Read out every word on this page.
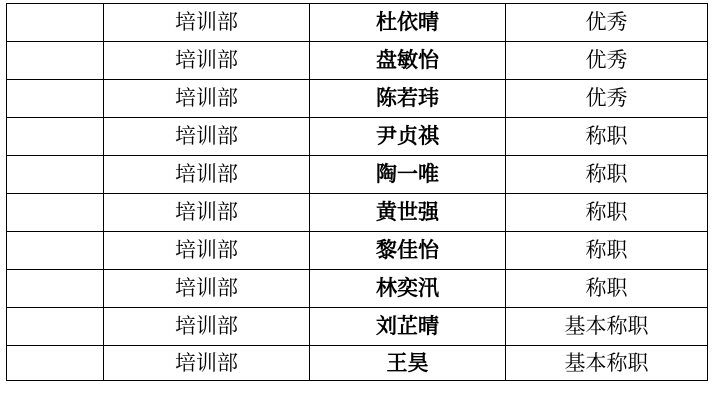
	培训部	杜依晴	优秀
	培训部	盘敏怡	优秀
	培训部	陈若玮	优秀
	培训部	尹贞祺	称职
	培训部	陶一唯	称职
	培训部	黄世强	称职
	培训部	黎佳怡	称职
	培训部	林奕汛	称职
	培训部	刘芷晴	基本称职
	培训部	王昊	基本称职
